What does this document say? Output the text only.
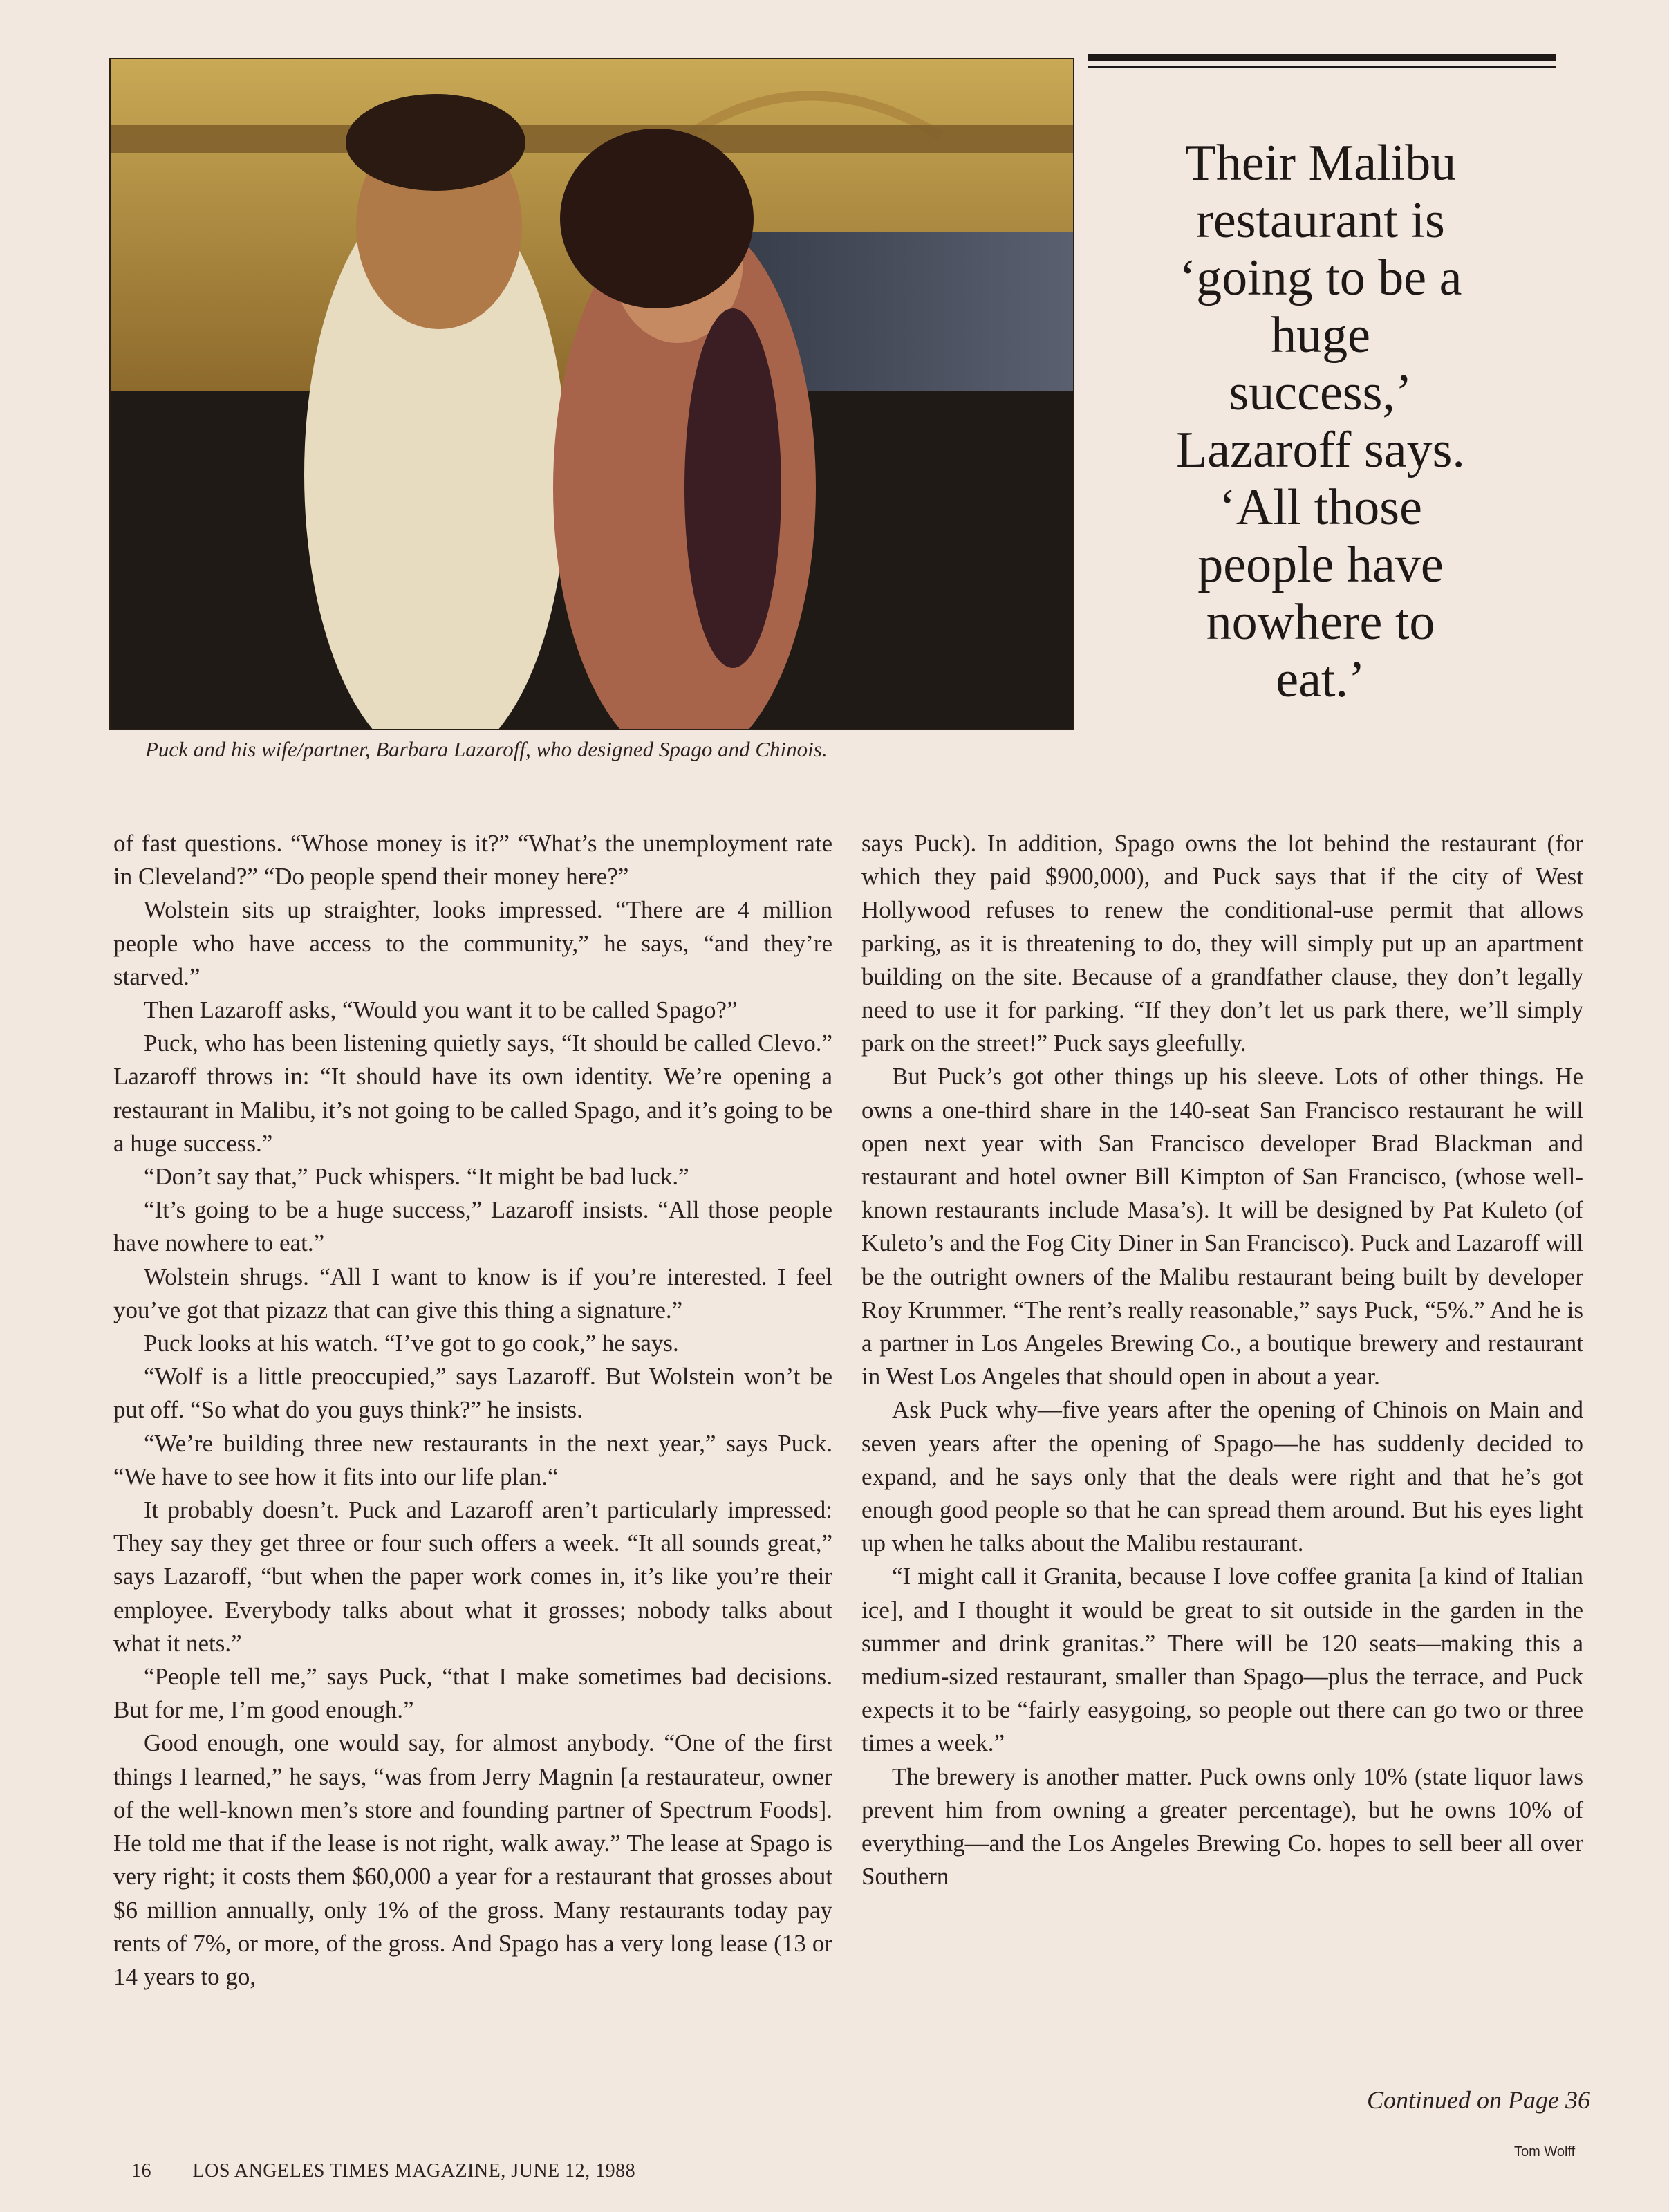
Their Malibu
restaurant is
‘going to be a
huge
success,’
Lazaroff says.
‘All those
people have
nowhere to
eat.’
Puck and his wife/partner, Barbara Lazaroff, who designed Spago and Chinois.

of fast questions. “Whose money is it?” “What’s the unemployment rate in Cleveland?” “Do people spend their money here?”

Wolstein sits up straighter, looks impressed. “There are 4 million people who have access to the community,” he says, “and they’re starved.”

Then Lazaroff asks, “Would you want it to be called Spago?”

Puck, who has been listening quietly says, “It should be called Clevo.” Lazaroff throws in: “It should have its own identity. We’re opening a restaurant in Malibu, it’s not going to be called Spago, and it’s going to be a huge success.”

“Don’t say that,” Puck whispers. “It might be bad luck.”

“It’s going to be a huge success,” Lazaroff insists. “All those people have nowhere to eat.”

Wolstein shrugs. “All I want to know is if you’re interested. I feel you’ve got that pizazz that can give this thing a signature.”

Puck looks at his watch. “I’ve got to go cook,” he says.

“Wolf is a little preoccupied,” says Lazaroff. But Wolstein won’t be put off. “So what do you guys think?” he insists.

“We’re building three new restaurants in the next year,” says Puck. “We have to see how it fits into our life plan.“

It probably doesn’t. Puck and Lazaroff aren’t particularly impressed: They say they get three or four such offers a week. “It all sounds great,” says Lazaroff, “but when the paper work comes in, it’s like you’re their employee. Everybody talks about what it grosses; nobody talks about what it nets.”

“People tell me,” says Puck, “that I make sometimes bad decisions. But for me, I’m good enough.”

Good enough, one would say, for almost anybody. “One of the first things I learned,” he says, “was from Jerry Magnin [a restaurateur, owner of the well-known men’s store and founding partner of Spectrum Foods]. He told me that if the lease is not right, walk away.” The lease at Spago is very right; it costs them $60,000 a year for a restaurant that grosses about $6 million annually, only 1% of the gross. Many restaurants today pay rents of 7%, or more, of the gross. And Spago has a very long lease (13 or 14 years to go,

says Puck). In addition, Spago owns the lot behind the restaurant (for which they paid $900,000), and Puck says that if the city of West Hollywood refuses to renew the conditional-use permit that allows parking, as it is threatening to do, they will simply put up an apartment building on the site. Because of a grandfather clause, they don’t legally need to use it for parking. “If they don’t let us park there, we’ll simply park on the street!” Puck says gleefully.

But Puck’s got other things up his sleeve. Lots of other things. He owns a one-third share in the 140-seat San Francisco restaurant he will open next year with San Francisco developer Brad Blackman and restaurant and hotel owner Bill Kimpton of San Francisco, (whose well-known restaurants include Masa’s). It will be designed by Pat Kuleto (of Kuleto’s and the Fog City Diner in San Francisco). Puck and Lazaroff will be the outright owners of the Malibu restaurant being built by developer Roy Krummer. “The rent’s really reasonable,” says Puck, “5%.” And he is a partner in Los Angeles Brewing Co., a boutique brewery and restaurant in West Los Angeles that should open in about a year.

Ask Puck why—five years after the opening of Chinois on Main and seven years after the opening of Spago—he has suddenly decided to expand, and he says only that the deals were right and that he’s got enough good people so that he can spread them around. But his eyes light up when he talks about the Malibu restaurant.

“I might call it Granita, because I love coffee granita [a kind of Italian ice], and I thought it would be great to sit outside in the garden in the summer and drink granitas.” There will be 120 seats—making this a medium-sized restaurant, smaller than Spago—plus the terrace, and Puck expects it to be “fairly easygoing, so people out there can go two or three times a week.”

The brewery is another matter. Puck owns only 10% (state liquor laws prevent him from owning a greater percentage), but he owns 10% of everything—and the Los Angeles Brewing Co. hopes to sell beer all over Southern

Continued on Page 36
16 LOS ANGELES TIMES MAGAZINE, JUNE 12, 1988
Tom Wolff
